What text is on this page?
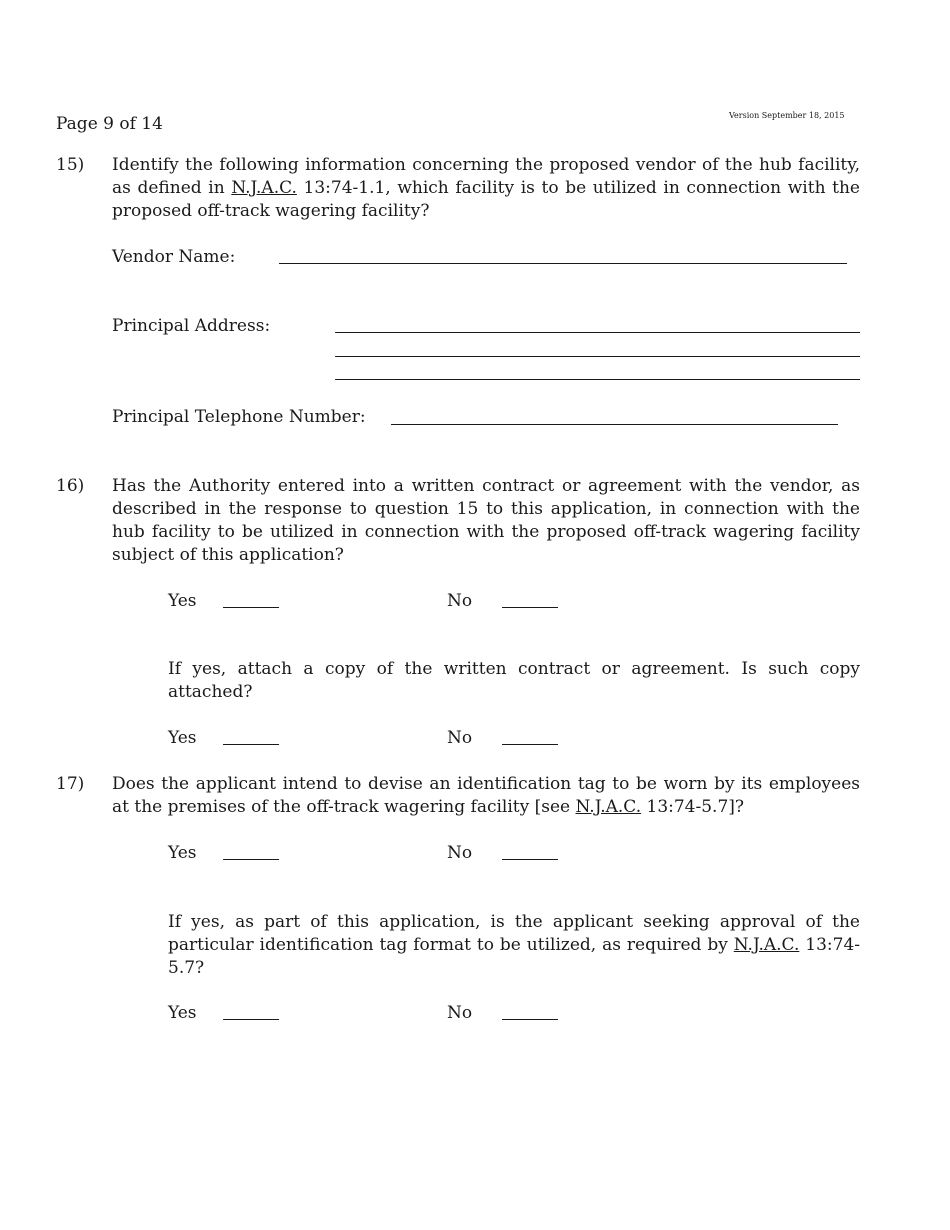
Page 9 of 14	Version September 18, 2015
15)	Identify the following information concerning the proposed vendor of the hub facility, as defined in N.J.A.C. 13:74-1.1, which facility is to be utilized in connection with the proposed off-track wagering facility?

Vendor Name:
Principal Address:
Principal Telephone Number:
16)	Has the Authority entered into a written contract or agreement with the vendor, as described in the response to question 15 to this application, in connection with the hub facility to be utilized in connection with the proposed off-track wagering facility subject of this application?

Yes	No

If yes, attach a copy of the written contract or agreement. Is such copy attached?

Yes	No
17)	Does the applicant intend to devise an identification tag to be worn by its employees at the premises of the off-track wagering facility [see N.J.A.C. 13:74-5.7]?

Yes	No

If yes, as part of this application, is the applicant seeking approval of the particular identification tag format to be utilized, as required by N.J.A.C. 13:74-5.7?

Yes	No
